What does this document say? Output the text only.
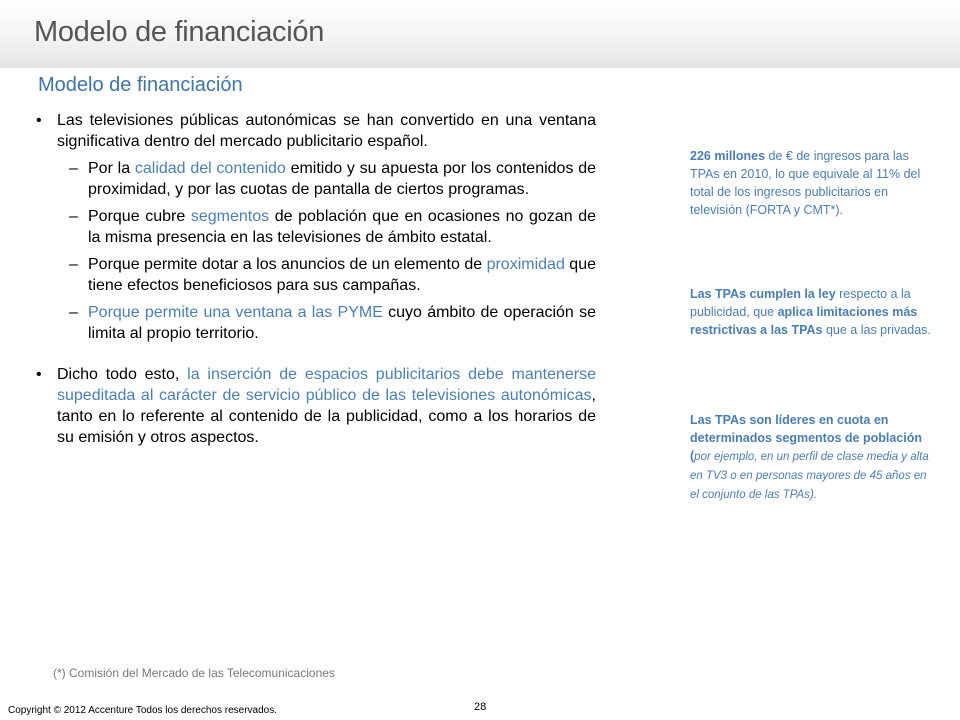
Modelo de financiación
Modelo de financiación
• Las televisiones públicas autonómicas se han convertido en una ventana significativa dentro del mercado publicitario español.
– Por la calidad del contenido emitido y su apuesta por los contenidos de proximidad, y por las cuotas de pantalla de ciertos programas.
– Porque cubre segmentos de población que en ocasiones no gozan de la misma presencia en las televisiones de ámbito estatal.
– Porque permite dotar a los anuncios de un elemento de proximidad que tiene efectos beneficiosos para sus campañas.
– Porque permite una ventana a las PYME cuyo ámbito de operación se limita al propio territorio.
• Dicho todo esto, la inserción de espacios publicitarios debe mantenerse supeditada al carácter de servicio público de las televisiones autonómicas, tanto en lo referente al contenido de la publicidad, como a los horarios de su emisión y otros aspectos.
226 millones de € de ingresos para las TPAs en 2010, lo que equivale al 11% del total de los ingresos publicitarios en televisión (FORTA y CMT*).
Las TPAs cumplen la ley respecto a la publicidad, que aplica limitaciones más restrictivas a las TPAs que a las privadas.
Las TPAs son líderes en cuota en determinados segmentos de población (por ejemplo, en un perfil de clase media y alta en TV3 o en personas mayores de 45 años en el conjunto de las TPAs).
(*) Comisión del Mercado de las Telecomunicaciones
28
Copyright © 2012 Accenture Todos los derechos reservados.
